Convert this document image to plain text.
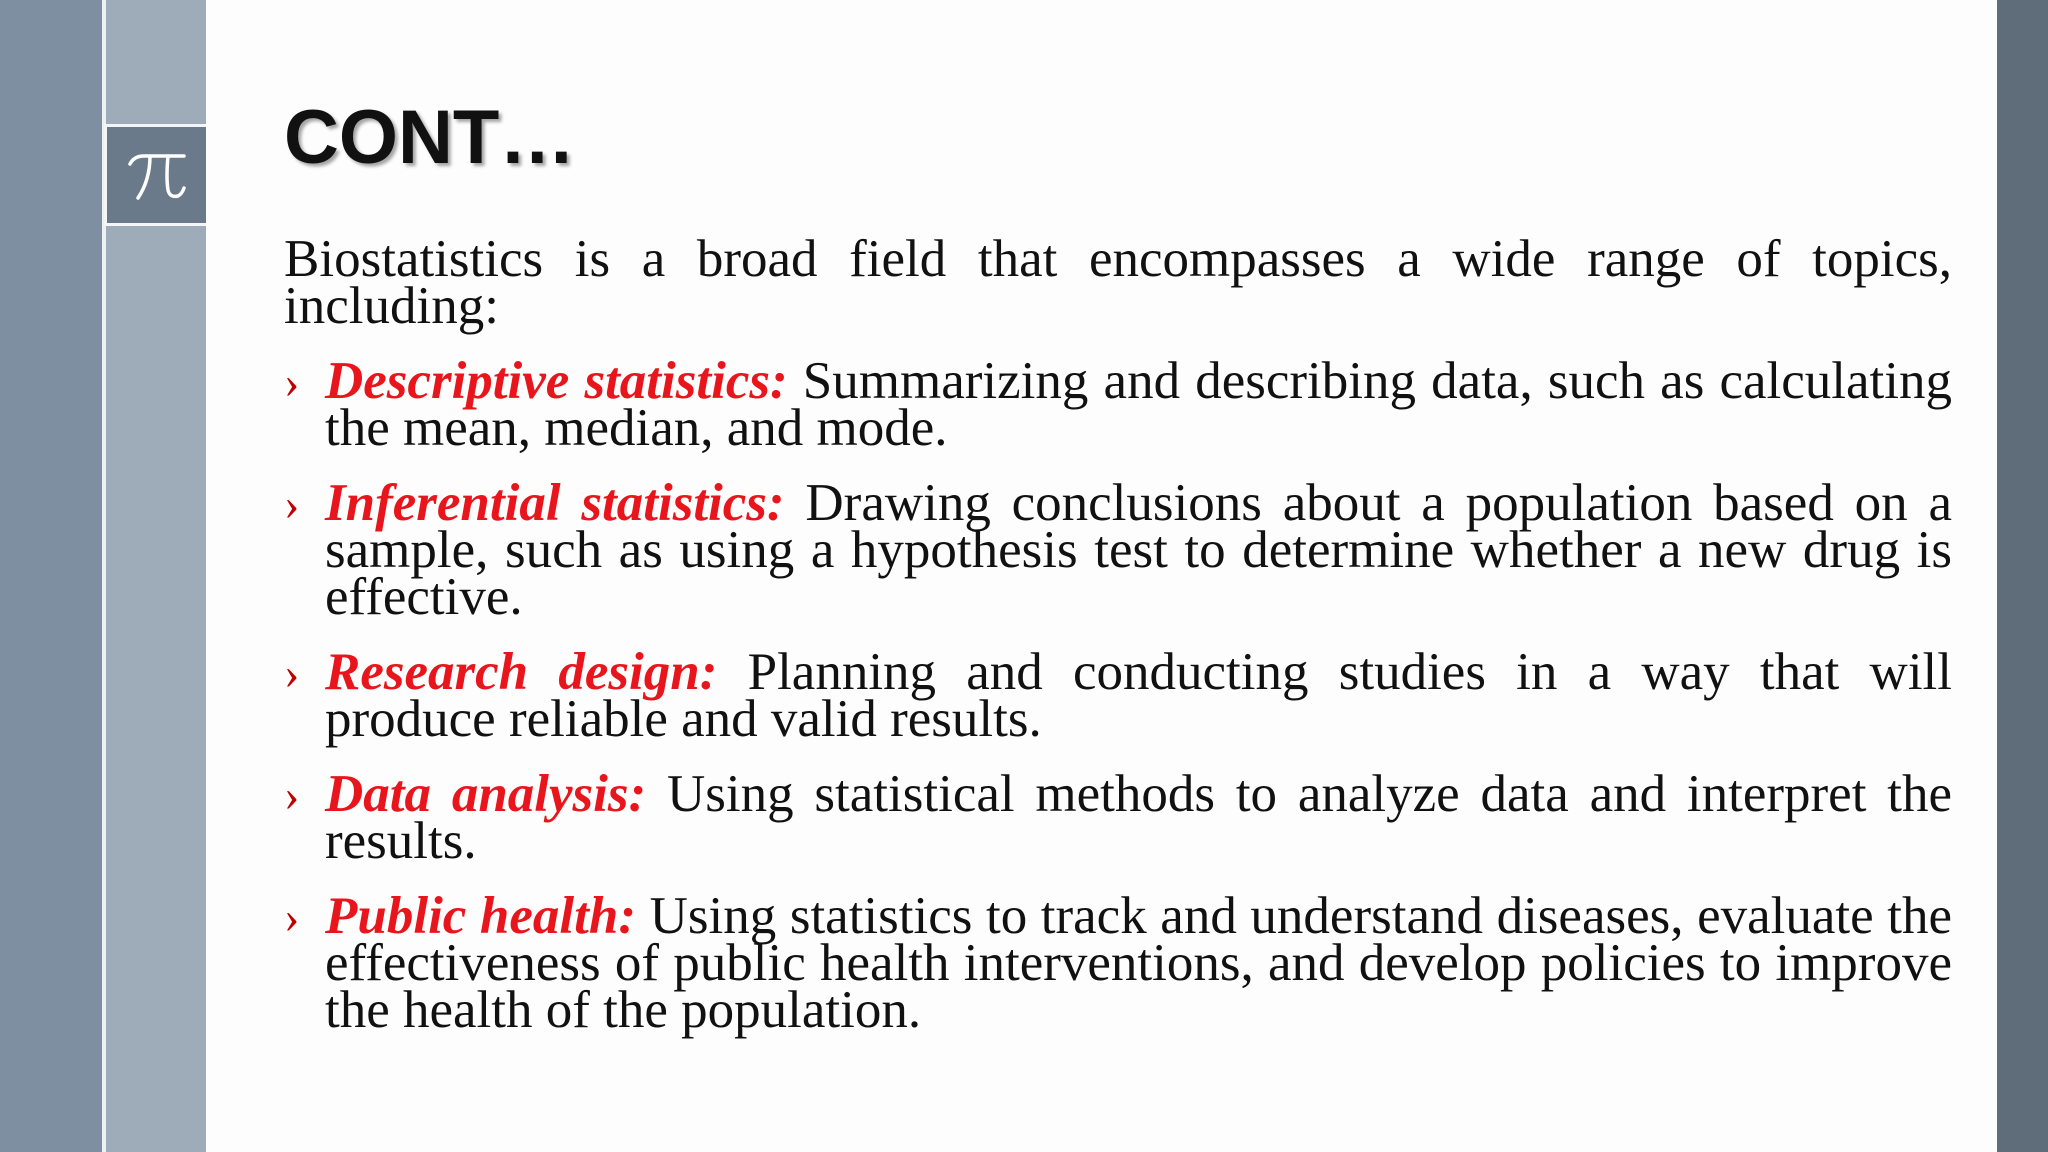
CONT…

Biostatistics is a broad field that encompasses a wide range of topics, including:

› Descriptive statistics: Summarizing and describing data, such as calculating the mean, median, and mode.
› Inferential statistics: Drawing conclusions about a population based on a sample, such as using a hypothesis test to determine whether a new drug is effective.
› Research design: Planning and conducting studies in a way that will produce reliable and valid results.
› Data analysis: Using statistical methods to analyze data and interpret the results.
› Public health: Using statistics to track and understand diseases, evaluate the effectiveness of public health interventions, and develop policies to improve the health of the population.
